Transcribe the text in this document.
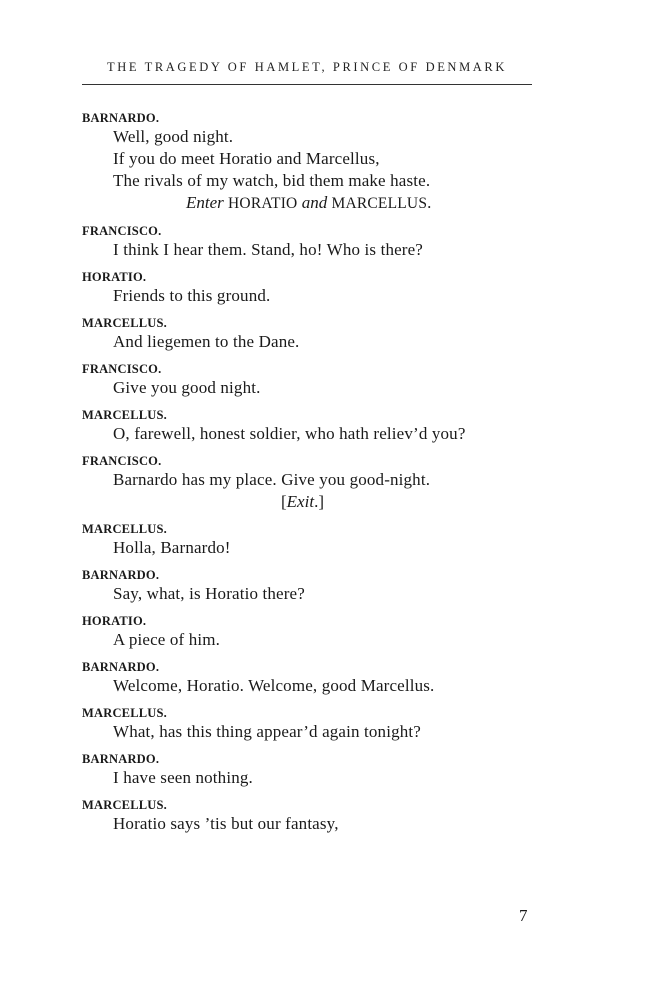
THE TRAGEDY OF HAMLET, PRINCE OF DENMARK
BARNARDO.
Well, good night.
If you do meet Horatio and Marcellus,
The rivals of my watch, bid them make haste.
Enter HORATIO and MARCELLUS.
FRANCISCO.
I think I hear them. Stand, ho! Who is there?
HORATIO.
Friends to this ground.
MARCELLUS.
And liegemen to the Dane.
FRANCISCO.
Give you good night.
MARCELLUS.
O, farewell, honest soldier, who hath reliev’d you?
FRANCISCO.
Barnardo has my place. Give you good-night.
[Exit.]
MARCELLUS.
Holla, Barnardo!
BARNARDO.
Say, what, is Horatio there?
HORATIO.
A piece of him.
BARNARDO.
Welcome, Horatio. Welcome, good Marcellus.
MARCELLUS.
What, has this thing appear’d again tonight?
BARNARDO.
I have seen nothing.
MARCELLUS.
Horatio says ’tis but our fantasy,
7
